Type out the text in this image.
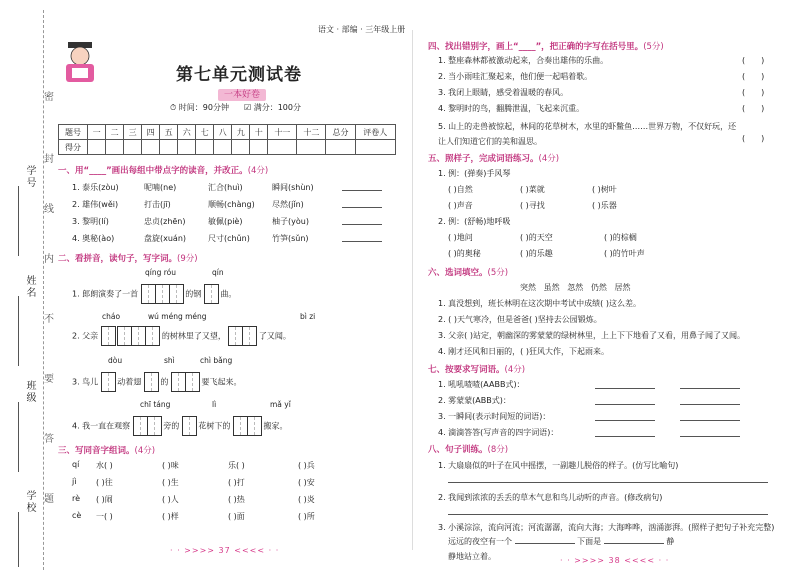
密
封
线
内
不
要
答
题
学号
姓名
班级
学校
语文 · 部编 · 三年级上册
第七单元测试卷
一本好卷
⏱ 时间：90分钟 ☑ 满分：100分
题号	一	二	三	四	五	六	七	八	九	十	十一	十二	总分	评卷人
得分														
一、用“____”画出每组中带点字的读音，并改正。(4分)
1. 泰乐(zòu)	呢喃(ne)	汇合(huì)	瞬间(shùn)
2. 雄伟(wěi)	打击(jī)	顺畅(chàng) 尽然(jǐn)
3. 黎明(lí)	忠贞(zhēn)	敏佩(piè)	柚子(yòu)
4. 奥秘(ào)	盘旋(xuán)	尺寸(chǔn)	竹笋(sǔn)
二、看拼音，读句子，写字词。(9分)
qíng róu	qín
1. 郎朗演奏了一首	的钢 曲。
cháo	wú méng méng	bì zi
2. 父亲	的树林里了又望，	了又闻。
dòu	shì	chì bǎng
3. 鸟儿 动着翅 的	要飞起来。
chī táng	lì	mǎ yǐ
4. 我一直在观察	旁的 花树下的	搬家。
三、写同音字组词。(4分)
qí 水( )	( )味	乐( )	( )兵
jì ( )往	( )生	( )打	( )安
rè ( )闹	( )人	( )热	( )炎
cè 一( )	( )样	( )面	( )所
· · >>>> 37 <<<< · ·
四、找出错别字，画上“____”，把正确的字写在括号里。(5分)
1. 整座森林都被激动起来，合奏出雄伟的乐曲。	(　　)
2. 当小雨哇汇聚起来，他们便一起唱着歌。	(　　)
3. 我闭上眼睛，感受着温暖的春风。	(　　)
4. 黎明时的鸟，翻腾泄温，飞起来沉重。	(　　)
5. 山上的走兽被惊起，林间的花草树木，水里的虾鳖鱼……世界万物，不仅好玩，还让人们知道它们的美和温思。	(　　)
五、照样子，完成词语练习。(4分)
1. 例：(弹奏)手风琴
( )自然	( )菜就	( )树叶
( )声音	( )寻找	( )乐器
2. 例：(舒畅)地呼吸
( )地问	( )的天空	( )的棕榈
( )的奥秘	( )的乐趣	( )的竹叶声
六、选词填空。(5分)
突然   虽然   忽然   仍然   居然
1. 真没想到，班长林明在这次期中考试中成绩( )这么差。
2. ( )天气寒冷，但是爸爸( )坚持去公园锻炼。
3. 父亲( )站定，朝幽深的雾蒙蒙的绿树林里，上上下下地看了又看，用鼻子闻了又闻。
4. 刚才还风和日丽的，( )狂风大作，下起雨来。
七、按要求写词语。(4分)
1. 吼吼喳喳(AABB式)：
2. 雾蒙蒙(ABB式)：
3. 一瞬间(表示时间短的词语)：
4. 滴滴答答(写声音的四字词语)：
八、句子训练。(8分)
1. 大扇扇似的叶子在风中摇摆，一副趣儿脱俗的样子。(仿写比喻句)
2. 我闻到浓浓的丢丢的草木气息和鸟儿动听的声音。(修改病句)
3. 小溪淙淙，流向河流；河流潺潺，流向大海；大海哗哗，汹涌澎湃。(照样子把句子补充完整)
远远的夜空有一个	下面是	静
静地站立着。	· · >>>> 38 <<<< · ·
